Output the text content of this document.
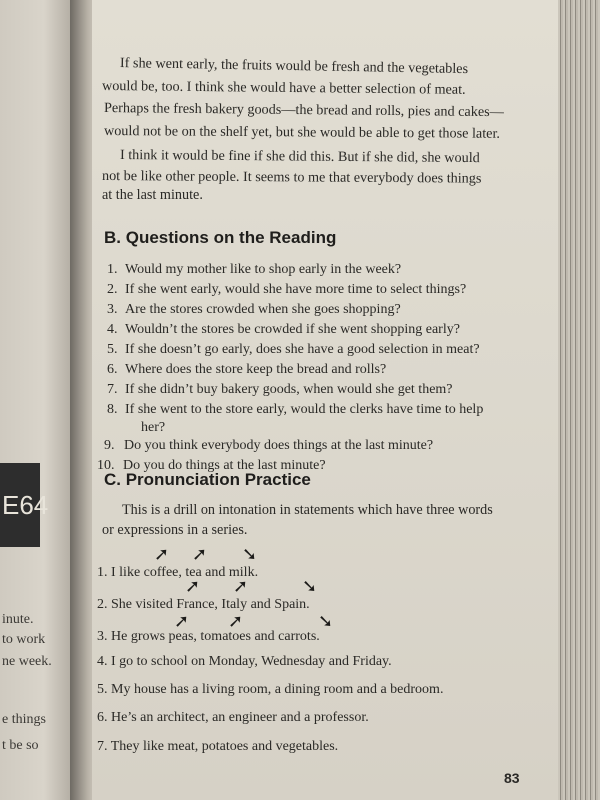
E64
inute.
to work
ne week.
e things
t be so
If she went early, the fruits would be fresh and the vegetables
would be, too. I think she would have a better selection of meat.
Perhaps the fresh bakery goods—the bread and rolls, pies and cakes—
would not be on the shelf yet, but she would be able to get those later.
I think it would be fine if she did this. But if she did, she would
not be like other people. It seems to me that everybody does things
at the last minute.
B. Questions on the Reading
1. Would my mother like to shop early in the week?
2. If she went early, would she have more time to select things?
3. Are the stores crowded when she goes shopping?
4. Wouldn’t the stores be crowded if she went shopping early?
5. If she doesn’t go early, does she have a good selection in meat?
6. Where does the store keep the bread and rolls?
7. If she didn’t buy bakery goods, when would she get them?
8. If she went to the store early, would the clerks have time to help
her?
9. Do you think everybody does things at the last minute?
10. Do you do things at the last minute?
C. Pronunciation Practice
This is a drill on intonation in statements which have three words
or expressions in a series.
➚ ➚ ➘
1. I like coffee, tea and milk.
➚ ➚	➘
2. She visited France, Italy and Spain.
➚ ➚	➘
3. He grows peas, tomatoes and carrots.
4. I go to school on Monday, Wednesday and Friday.
5. My house has a living room, a dining room and a bedroom.
6. He’s an architect, an engineer and a professor.
7. They like meat, potatoes and vegetables.
83
